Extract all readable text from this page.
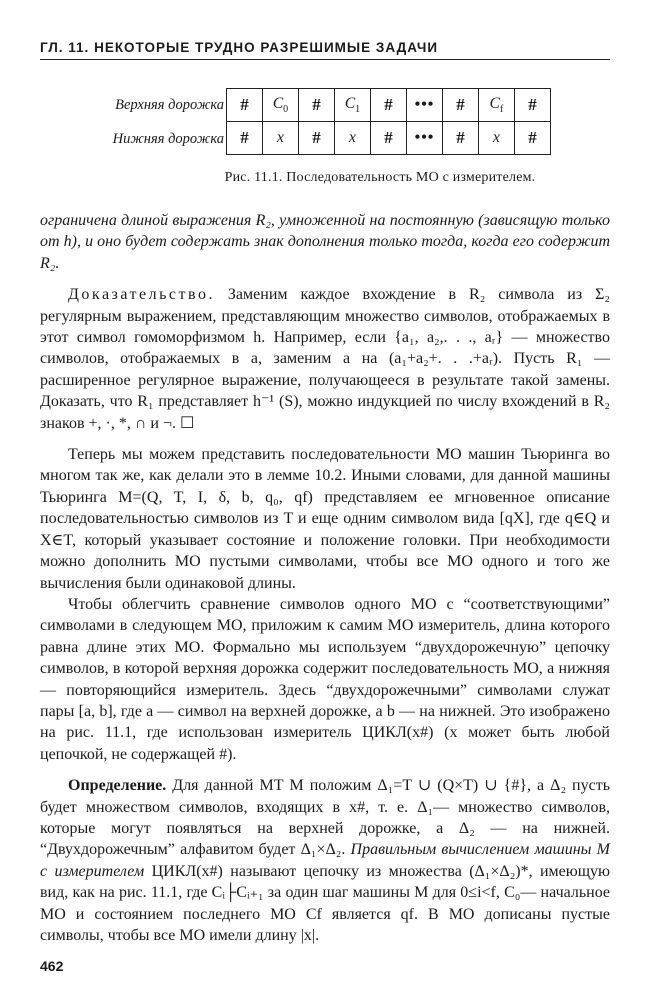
ГЛ. 11. НЕКОТОРЫЕ ТРУДНО РАЗРЕШИМЫЕ ЗАДАЧИ
Верхняя дорожка #	$C_0$	#	$C_1$	#	•••	#	$C_f$	#
Нижняя дорожка #	x	#	x	#	•••	#	x	#
Рис. 11.1. Последовательность МО с измерителем.

ограничена длиной выражения R₂, умноженной на постоянную (зависящую только от h), и оно будет содержать знак дополнения только тогда, когда его содержит R₂.

Доказательство. Заменим каждое вхождение в R₂ символа из Σ₂ регулярным выражением, представляющим множество символов, отображаемых в этот символ гомоморфизмом h. Например, если {a₁, a₂,. . ., aᵣ} — множество символов, отображаемых в a, заменим a на (a₁+a₂+. . .+aᵣ). Пусть R₁ — расширенное регулярное выражение, получающееся в результате такой замены. Доказать, что R₁ представляет h⁻¹ (S), можно индукцией по числу вхождений в R₂ знаков +, ·, *, ∩ и ¬. ☐

Теперь мы можем представить последовательности МО машин Тьюринга во многом так же, как делали это в лемме 10.2. Иными словами, для данной машины Тьюринга M=(Q, T, I, δ, b, q₀, qf) представляем ее мгновенное описание последовательностью символов из T и еще одним символом вида [qX], где q∈Q и X∈T, который указывает состояние и положение головки. При необходимости можно дополнить МО пустыми символами, чтобы все МО одного и того же вычисления были одинаковой длины.

Чтобы облегчить сравнение символов одного МО с “соответствующими” символами в следующем МО, приложим к самим МО измеритель, длина которого равна длине этих МО. Формально мы используем “двухдорожечную” цепочку символов, в которой верхняя дорожка содержит последовательность МО, а нижняя — повторяющийся измеритель. Здесь “двухдорожечными” символами служат пары [a, b], где a — символ на верхней дорожке, а b — на нижней. Это изображено на рис. 11.1, где использован измеритель ЦИКЛ(x#) (x может быть любой цепочкой, не содержащей #).

Определение. Для данной МТ M положим Δ₁=T ∪ (Q×T) ∪ {#}, а Δ₂ пусть будет множеством символов, входящих в x#, т. е. Δ₁— множество символов, которые могут появляться на верхней дорожке, а Δ₂ — на нижней. “Двухдорожечным” алфавитом будет Δ₁×Δ₂. Правильным вычислением машины M с измерителем ЦИКЛ(x#) называют цепочку из множества (Δ₁×Δ₂)*, имеющую вид, как на рис. 11.1, где Cᵢ├Cᵢ₊₁ за один шаг машины M для 0≤i<f, C₀— начальное МО и состоянием последнего МО Cf является qf. В МО дописаны пустые символы, чтобы все МО имели длину |x|.

462
